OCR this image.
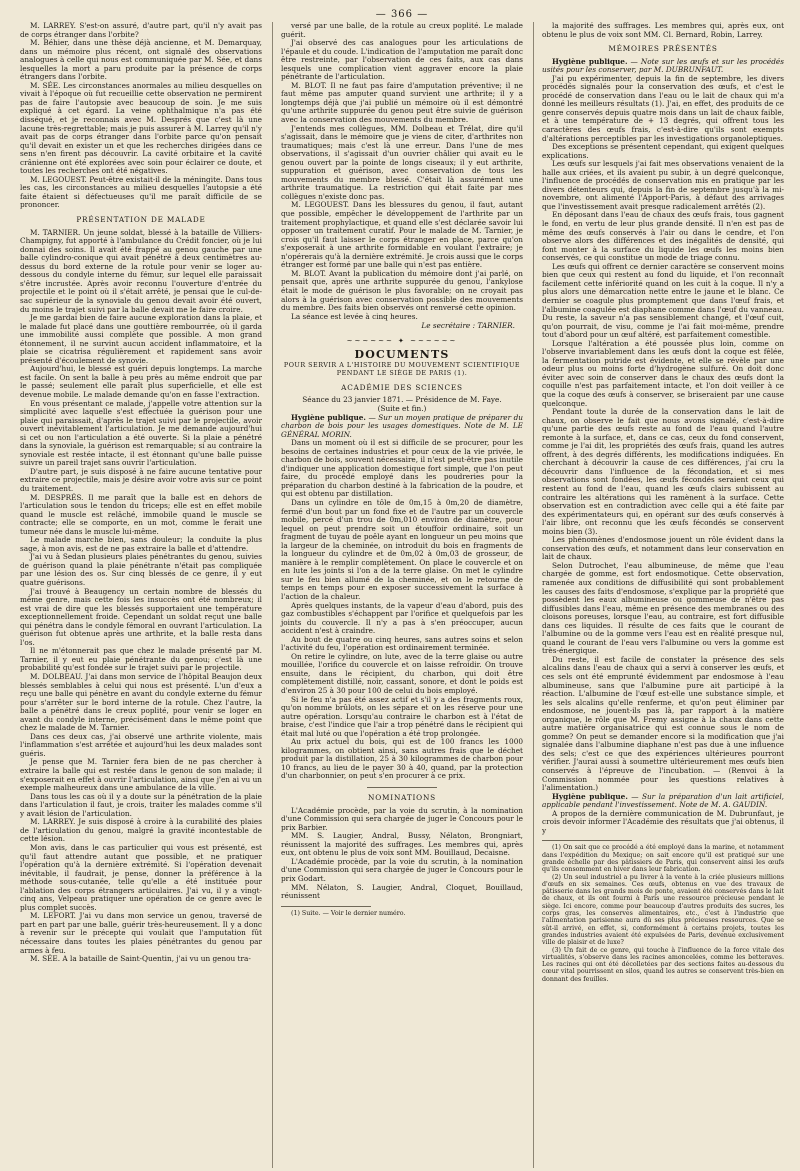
— 366 —

M. LARREY. S'est-on assuré, d'autre part, qu'il n'y avait pas de corps étranger dans l'orbite?

M. Béhier, dans une thèse déjà ancienne, et M. Demarquay, dans un mémoire plus récent, ont signalé des observations analogues à celle qui nous est communiquée par M. Sée, et dans lesquelles la mort a paru produite par la présence de corps étrangers dans l'orbite.

M. SÉE. Les circonstances anormales au milieu desquelles on vivait à l'époque où fut recueillie cette observation ne permirent pas de faire l'autopsie avec beaucoup de soin. Je me suis expliqué à cet égard. La veine ophthalmique n'a pas été disséqué, et je reconnais avec M. Després que c'est là une lacune très-regrettable; mais je puis assurer à M. Larrey qu'il n'y avait pas de corps étranger dans l'orbite parce qu'on pensait qu'il devait en exister un et que les recherches dirigées dans ce sens n'en firent pas découvrir. La cavité orbitaire et la cavité crânienne ont été explorées avec soin pour éclairer ce doute, et toutes les recherches ont été négatives.

M. LEGOUEST. Peut-être existait-il de la méningite. Dans tous les cas, les circonstances au milieu desquelles l'autopsie a été faite étaient si défectueuses qu'il me paraît difficile de se prononcer.

PRÉSENTATION DE MALADE

M. TARNIER. Un jeune soldat, blessé à la bataille de Villiers-Champigny, fut apporté à l'ambulance du Crédit foncier, où je lui donnai des soins. Il avait été frappé au genou gauche par une balle cylindro-conique qui avait pénétré à deux centimètres au-dessus du bord externe de la rotule pour venir se loger au-dessous du condyle interne du fémur, sur lequel elle paraissait s'être incrustée. Après avoir reconnu l'ouverture d'entrée du projectile et le point où il s'était arrêté, je pensai que le cul-de-sac supérieur de la synoviale du genou devait avoir été ouvert, du moins le trajet suivi par la balle devait me le faire croire.

Je me gardai bien de faire aucune exploration dans la plaie, et le malade fut placé dans une gouttière rembourrée, où il garda une immobilité aussi complète que possible. A mon grand étonnement, il ne survint aucun accident inflammatoire, et la plaie se cicatrisa régulièrement et rapidement sans avoir présenté d'écoulement de synovie.

Aujourd'hui, le blessé est guéri depuis longtemps. La marche est facile. On sent la balle à peu près au même endroit que par le passé; seulement elle paraît plus superficielle, et elle est devenue mobile. Le malade demande qu'on en fasse l'extraction.

En vous présentant ce malade, j'appelle votre attention sur la simplicité avec laquelle s'est effectuée la guérison pour une plaie qui paraissait, d'après le trajet suivi par le projectile, avoir ouvert inévitablement l'articulation. Je me demande aujourd'hui si cet ou non l'articulation a été ouverte. Si la plaie a pénétré dans la synoviale, la guérison est remarquable; si au contraire la synoviale est restée intacte, il est étonnant qu'une balle puisse suivre un pareil trajet sans ouvrir l'articulation.

D'autre part, je suis disposé à ne faire aucune tentative pour extraire ce projectile, mais je désire avoir votre avis sur ce point du traitement.

M. DESPRÉS. Il me paraît que la balle est en dehors de l'articulation sous le tendon du triceps; elle est en effet mobile quand le muscle est relâché, immobile quand le muscle se contracte; elle se comporte, en un mot, comme le ferait une tumeur née dans le muscle lui-même.

Le malade marche bien, sans douleur; la conduite la plus sage, à mon avis, est de ne pas extraire la balle et d'attendre.

J'ai vu à Sedan plusieurs plaies pénétrantes du genou, suivies de guérison quand la plaie pénétrante n'était pas compliquée par une lésion des os. Sur cinq blessés de ce genre, il y eut quatre guérisons.

J'ai trouvé à Beaugency un certain nombre de blessés du même genre, mais cette fois les insuccès ont été nombreux; il est vrai de dire que les blessés supportaient une température exceptionnellement froide. Cependant un soldat reçut une balle qui pénétra dans le condyle fémoral en ouvrant l'articulation. La guérison fut obtenue après une arthrite, et la balle resta dans l'os.

Il ne m'étonnerait pas que chez le malade présenté par M. Tarnier, il y eut eu plaie pénétrante du genou; c'est là une probabilité qu'est fondée sur le trajet suivi par le projectile.

M. DOLBEAU. J'ai dans mon service de l'hôpital Beaujon deux blessés semblables à celui qui nous est présenté. L'un d'eux a reçu une balle qui pénètre en avant du condyle externe du fémur pour s'arrêter sur le bord interne de la rotule. Chez l'autre, la balle a pénétré dans le creux poplité, pour venir se loger en avant du condyle interne, précisément dans le même point que chez le malade de M. Tarnier.

Dans ces deux cas, j'ai observé une arthrite violente, mais l'inflammation s'est arrêtée et aujourd'hui les deux malades sont guéris.

Je pense que M. Tarnier fera bien de ne pas chercher à extraire la balle qui est restée dans le genou de son malade; il s'exposerait en effet à ouvrir l'articulation, ainsi que j'en ai vu un exemple malheureux dans une ambulance de la ville.

Dans tous les cas où il y a doute sur la pénétration de la plaie dans l'articulation il faut, je crois, traiter les malades comme s'il y avait lésion de l'articulation.

M. LARREY. Je suis disposé à croire à la curabilité des plaies de l'articulation du genou, malgré la gravité incontestable de cette lésion.

Mon avis, dans le cas particulier qui vous est présenté, est qu'il faut attendre autant que possible, et ne pratiquer l'opération qu'à la dernière extrémité. Si l'opération devenait inévitable, il faudrait, je pense, donner la préférence à la méthode sous-cutanée, telle qu'elle a été instituée pour l'ablation des corps étrangers articulaires. J'ai vu, il y a vingt-cinq ans, Velpeau pratiquer une opération de ce genre avec le plus complet succès.

M. LEFORT. J'ai vu dans mon service un genou, traversé de part en part par une balle, guérir très-heureusement. Il y a donc à revenir sur le précepte qui voulait que l'amputation fût nécessaire dans toutes les plaies pénétrantes du genou par armes à feu.

M. SÉE. A la bataille de Saint-Quentin, j'ai vu un genou tra-

versé par une balle, de la rotule au creux poplité. Le malade guérit.

J'ai observé des cas analogues pour les articulations de l'épaule et du coude. L'indication de l'amputation me paraît donc être restreinte, par l'observation de ces faits, aux cas dans lesquels une complication vient aggraver encore la plaie pénétrante de l'articulation.

M. BLOT. Il ne faut pas faire d'amputation préventive; il ne faut même pas amputer quand survient une arthrite; il y a longtemps déjà que j'ai publié un mémoire où il est démontré qu'une arthrite suppurée du genou peut être suivie de guérison avec la conservation des mouvements du membre.

J'entends mes collègues, MM. Dolbeau et Trélat, dire qu'il s'agissait, dans le mémoire que je viens de citer, d'arthrites non traumatiques; mais c'est là une erreur. Dans l'une de mes observations, il s'agissait d'un ouvrier châlier qui avait eu le genou ouvert par la pointe de longs ciseaux; il y eut arthrite, suppuration et guérison, avec conservation de tous les mouvements du membre blessé. C'était là assurément une arthrite traumatique. La restriction qui était faite par mes collègues n'existe donc pas.

M. LEGOUEST. Dans les blessures du genou, il faut, autant que possible, empêcher le développement de l'arthrite par un traitement prophylactique, et quand elle s'est déclarée savoir lui opposer un traitement curatif. Pour le malade de M. Tarnier, je crois qu'il faut laisser le corps étranger en place, parce qu'on s'exposerait à une arthrite formidable en voulant l'extraire; je n'opérerais qu'à la dernière extrémité. Je crois aussi que le corps étranger est formé par une balle qui n'est pas entière.

M. BLOT. Avant la publication du mémoire dont j'ai parlé, on pensait que, après une arthrite suppurée du genou, l'ankylose était le mode de guérison le plus favorable; on ne croyait pas alors à la guérison avec conservation possible des mouvements du membre. Des faits bien observés ont renversé cette opinion.

La séance est levée à cinq heures.

Le secrétaire : TARNIER.
~~~~~~ ✦ ~~~~~~
DOCUMENTS
POUR SERVIR A L'HISTOIRE DU MOUVEMENT SCIENTIFIQUE PENDANT LE SIÈGE DE PARIS (1).
ACADÉMIE DES SCIENCES

Séance du 23 janvier 1871. — Présidence de M. Faye.

(Suite et fin.)

Hygiène publique. — Sur un moyen pratique de préparer du charbon de bois pour les usages domestiques. Note de M. LE GÉNÉRAL MORIN.

Dans un moment où il est si difficile de se procurer, pour les besoins de certaines industries et pour ceux de la vie privée, le charbon de bois, souvent nécessaire, il n'est peut-être pas inutile d'indiquer une application domestique fort simple, que l'on peut faire, du procédé employé dans les poudreries pour la préparation du charbon destiné à la fabrication de la poudre, et qui est obtenu par distillation.

Dans un cylindre en tôle de 0m,15 à 0m,20 de diamètre, fermé d'un bout par un fond fixe et de l'autre par un couvercle mobile, percé d'un trou de 0m,010 environ de diamètre, pour lequel on peut prendre soit un étouffoir ordinaire, soit un fragment de tuyau de poêle ayant en longueur un peu moins que la largeur de la cheminée, on introduit du bois en fragments de la longueur du cylindre et de 0m,02 à 0m,03 de grosseur, de manière à le remplir complètement. On place le couvercle et on en lute les joints si l'on a de la terre glaise. On met le cylindre sur le feu bien allumé de la cheminée, et on le retourne de temps en temps pour en exposer successivement la surface à l'action de la chaleur.

Après quelques instants, de la vapeur d'eau d'abord, puis des gaz combustibles s'échappent par l'orifice et quelquefois par les joints du couvercle. Il n'y a pas à s'en préoccuper, aucun accident n'est à craindre.

Au bout de quatre ou cinq heures, sans autres soins et selon l'activité du feu, l'opération est ordinairement terminée.

On retire le cylindre, on lute, avec de la terre glaise ou autre mouillée, l'orifice du couvercle et on laisse refroidir. On trouve ensuite, dans le récipient, du charbon, qui doit être complètement distillé, noir, cassant, sonore, et dont le poids est d'environ 25 à 30 pour 100 de celui du bois employé.

Si le feu n'a pas été assez actif et s'il y a des fragments roux, qu'on nomme brûlots, on les sépare et on les réserve pour une autre opération. Lorsqu'au contraire le charbon est à l'état de braise, c'est l'indice que l'air a trop pénétré dans le récipient qui était mal luté ou que l'opération a été trop prolongée.

Au prix actuel du bois, qui est de 100 francs les 1000 kilogrammes, on obtient ainsi, sans autres frais que le déchet produit par la distillation, 25 à 30 kilogrammes de charbon pour 10 francs, au lieu de le payer 30 à 40, quand, par la protection d'un charbonnier, on peut s'en procurer à ce prix.

NOMINATIONS

L'Académie procède, par la voie du scrutin, à la nomination d'une Commission qui sera chargée de juger le Concours pour le prix Barbier.

MM. S. Laugier, Andral, Bussy, Nélaton, Brongniart, réunissent la majorité des suffrages. Les membres qui, après eux, ont obtenu le plus de voix sont MM. Bouillaud, Decaisne.

L'Académie procède, par la voie du scrutin, à la nomination d'une Commission qui sera chargée de juger le Concours pour le prix Godart.

MM. Nélaton, S. Laugier, Andral, Cloquet, Bouillaud, réunissent

(1) Suite. — Voir le dernier numéro.

la majorité des suffrages. Les membres qui, après eux, ont obtenu le plus de voix sont MM. Cl. Bernard, Robin, Larrey.

MÉMOIRES PRÉSENTÉS

Hygiène publique. — Note sur les œufs et sur les procédés usités pour les conserver, par M. DUBRUNFAUT.

J'ai pu expérimenter, depuis la fin de septembre, les divers procédés signalés pour la conservation des œufs, et c'est le procédé de conservation dans l'eau ou le lait de chaux qui m'a donné les meilleurs résultats (1). J'ai, en effet, des produits de ce genre conservés depuis quatre mois dans un lait de chaux faible, et à une température de + 13 degrés, qui offrent tous les caractères des œufs frais, c'est-à-dire qu'ils sont exempts d'altérations perceptibles par les investigations organoleptiques.

Des exceptions se présentent cependant, qui exigent quelques explications.

Les œufs sur lesquels j'ai fait mes observations venaient de la halle aux criées, et ils avaient pu subir, à un degré quelconque, l'influence de procédés de conservation mis en pratique par les divers détenteurs qui, depuis la fin de septembre jusqu'à la mi-novembre, ont alimenté l'Apport-Paris, à défaut des arrivages que l'investissement avait presque radicalement arrêtés (2).

En déposant dans l'eau de chaux des œufs frais, tous gagnent le fond, en vertu de leur plus grande densité. Il n'en est pas de même des œufs conservés à l'air ou dans le cendre, et l'on observe alors des différences et des inégalités de densité, qui font monter à la surface du liquide les œufs les moins bien conservés, ce qui constitue un mode de triage connu.

Les œufs qui offrent ce dernier caractère se conservent moins bien que ceux qui restent au fond du liquide, et l'on reconnaît facilement cette infériorité quand on les cuit à la coque. Il n'y a plus alors une démarcation nette entre le jaune et le blanc. Ce dernier se coagule plus promptement que dans l'œuf frais, et l'albumine coagulée est diaphane comme dans l'œuf du vanneau. Du reste, la saveur n'a pas sensiblement changé, et l'œuf cuit, qu'on pourrait, de visu, comme je l'ai fait moi-même, prendre tout d'abord pour un œuf altéré, est parfaitement comestible.

Lorsque l'altération a été poussée plus loin, comme on l'observe invariablement dans les œufs dont la coque est fêlée, la fermentation putride est évidente, et elle se révèle par une odeur plus ou moins forte d'hydrogène sulfuré. On doit donc éviter avec soin de conserver dans le chaux des œufs dont la coquille n'est pas parfaitement intacte, et l'on doit veiller à ce que la coque des œufs à conserver, se briseraient par une cause quelconque.

Pendant toute la durée de la conservation dans le lait de chaux, on observe le fait que nous avons signalé, c'est-à-dire qu'une partie des œufs reste au fond de l'eau quand l'autre remonte à la surface, et, dans ce cas, ceux du fond conservent, comme je l'ai dit, les propriétés des œufs frais, quand les autres offrent, à des degrés différents, les modifications indiquées. En cherchant à découvrir la cause de ces différences, j'ai cru la découvrir dans l'influence de la fécondation, et si mes observations sont fondées, les œufs fécondés seraient ceux qui restent au fond de l'eau, quand les œufs clairs subissent au contraire les altérations qui les ramènent à la surface. Cette observation est en contradiction avec celle qui a été faite par des expérimentateurs qui, en opérant sur des œufs conservés à l'air libre, ont reconnu que les œufs fécondés se conservent moins bien (3).

Les phénomènes d'endosmose jouent un rôle évident dans la conservation des œufs, et notamment dans leur conservation en lait de chaux.

Selon Dutrochet, l'eau albumineuse, de même que l'eau chargée de gomme, est fort endosmotique. Cette observation, ramenée aux conditions de diffusibilité qui sont probablement les causes des faits d'endosmose, s'explique par la propriété que possèdent les eaux albumineuse ou gommeuse de n'être pas diffusibles dans l'eau, même en présence des membranes ou des cloisons poreuses, lorsque l'eau, au contraire, est fort diffusible dans ces liquides. Il résulte de ces faits que le courant de l'albumine ou de la gomme vers l'eau est en réalité presque nul, quand le courant de l'eau vers l'albumine ou vers la gomme est très-énergique.

Du reste, il est facile de constater la présence des sels alcalins dans l'eau de chaux qui a servi à conserver les œufs, et ces sels ont été emprunté évidemment par endosmose à l'eau albumineuse, sans que l'albumine pure ait participé à la réaction. L'albumine de l'œuf est-elle une substance simple, et les sels alcalins qu'elle renferme, et qu'on peut éliminer par endosmose, ne jouent-ils pas là, par rapport à la matière organique, le rôle que M. Fremy assigne à la chaux dans cette autre matière organisatrice qui est connue sous le nom de gomme? On peut se demander encore si la modification que j'ai signalée dans l'albumine diaphane n'est pas due à une influence des sels; c'est ce que des expériences ultérieures pourront vérifier. J'aurai aussi à soumettre ultérieurement mes œufs bien conservés à l'épreuve de l'incubation. — (Renvoi à la Commission nommée pour les questions relatives à l'alimentation.)

Hygiène publique. — Sur la préparation d'un lait artificiel, applicable pendant l'investissement. Note de M. A. GAUDIN.

A propos de la dernière communication de M. Dubrunfaut, je crois devoir informer l'Académie des résultats que j'ai obtenus, il y

(1) On sait que ce procédé a été employé dans la marine, et notamment dans l'expédition du Mexique; on sait encore qu'il est pratiqué sur une grande échelle par des pâtissiers de Paris, qui conservent ainsi les œufs qu'ils consomment en hiver dans leur fabrication.

(2) Un seul industriel a pu livrer à la vente à la criée plusieurs millions d'œufs en six semaines. Ces œufs, obtenus en vue des travaux de pâtisserie dans les grands mois de ponte, avaient été conservés dans le lait de chaux, et ils ont fourni à Paris une ressource précieuse pendant le siège. Ici encore, comme pour beaucoup d'autres produits des sucres, les corps gras, les conserves alimentaires, etc., c'est à l'industrie que l'alimentation parisienne aura dû ses plus précieuses ressources. Que se sût-il arrivé, en effet, si, conformément à certains projets, toutes les grandes industries avaient été expulsées de Paris, devenue exclusivement ville de plaisir et de luxe?

(3) Un fait de ce genre, qui touche à l'influence de la force vitale des virtualités, s'observe dans les racines amoncelées, comme les betteraves. Les racines qui ont été décolletées par des sections faites au-dessous du cœur vital pourrissent en silos, quand les autres se conservent très-bien en donnant des feuilles.
